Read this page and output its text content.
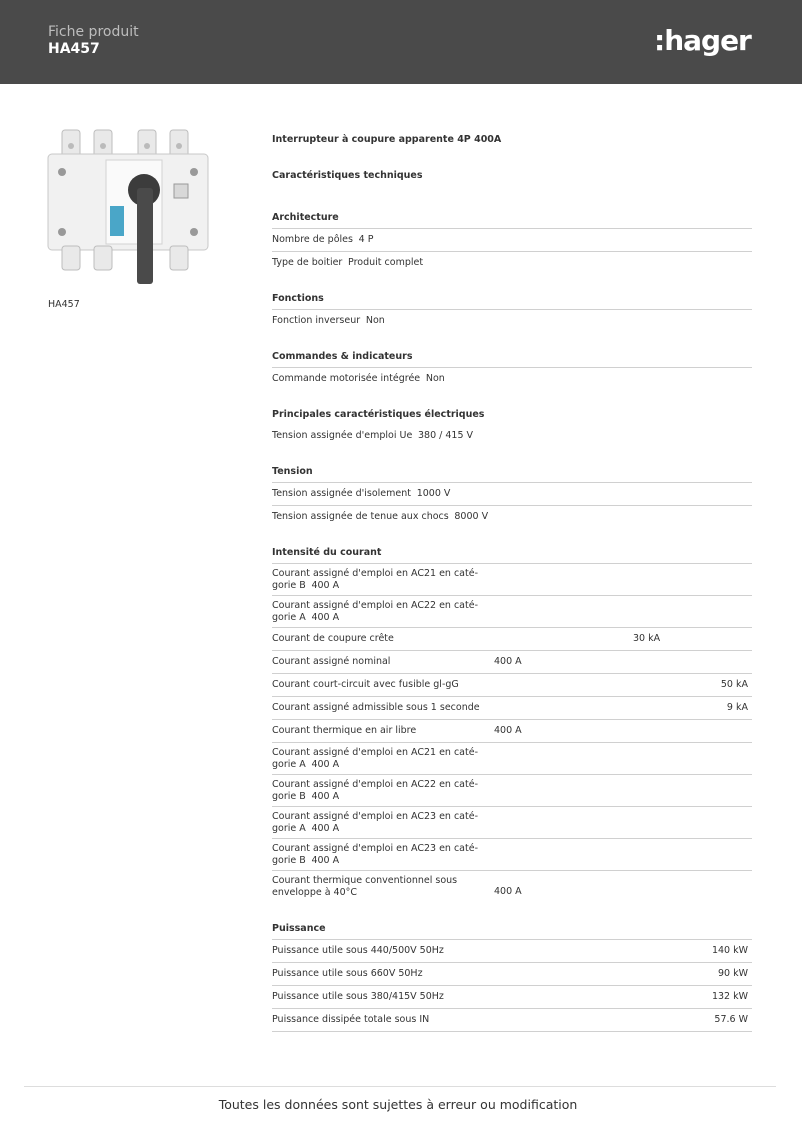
Fiche produit
HA457	:hager
HA457
Interrupteur à coupure apparente 4P 400A
Caractéristiques techniques
Architecture
Nombre de pôles 4 P
Type de boitier Produit complet
Fonctions
Fonction inverseur Non
Commandes & indicateurs
Commande motorisée intégrée Non
Principales caractéristiques électriques
Tension assignée d'emploi Ue 380 / 415 V
Tension
Tension assignée d'isolement 1000 V
Tension assignée de tenue aux chocs 8000 V
Intensité du courant
Courant assigné d'emploi en AC21 en caté-
gorie B 400 A
Courant assigné d'emploi en AC22 en caté-
gorie A 400 A
Courant de coupure crête	30 kA
Courant assigné nominal	400 A
Courant court-circuit avec fusible gl-gG	50 kA
Courant assigné admissible sous 1 seconde	9 kA
Courant thermique en air libre	400 A
Courant assigné d'emploi en AC21 en caté-
gorie A 400 A
Courant assigné d'emploi en AC22 en caté-
gorie B 400 A
Courant assigné d'emploi en AC23 en caté-
gorie A 400 A
Courant assigné d'emploi en AC23 en caté-
gorie B 400 A
Courant thermique conventionnel sous
enveloppe à 40°C	400 A
Puissance
Puissance utile sous 440/500V 50Hz	140 kW
Puissance utile sous 660V 50Hz	90 kW
Puissance utile sous 380/415V 50Hz	132 kW
Puissance dissipée totale sous IN	57.6 W
Toutes les données sont sujettes à erreur ou modification
